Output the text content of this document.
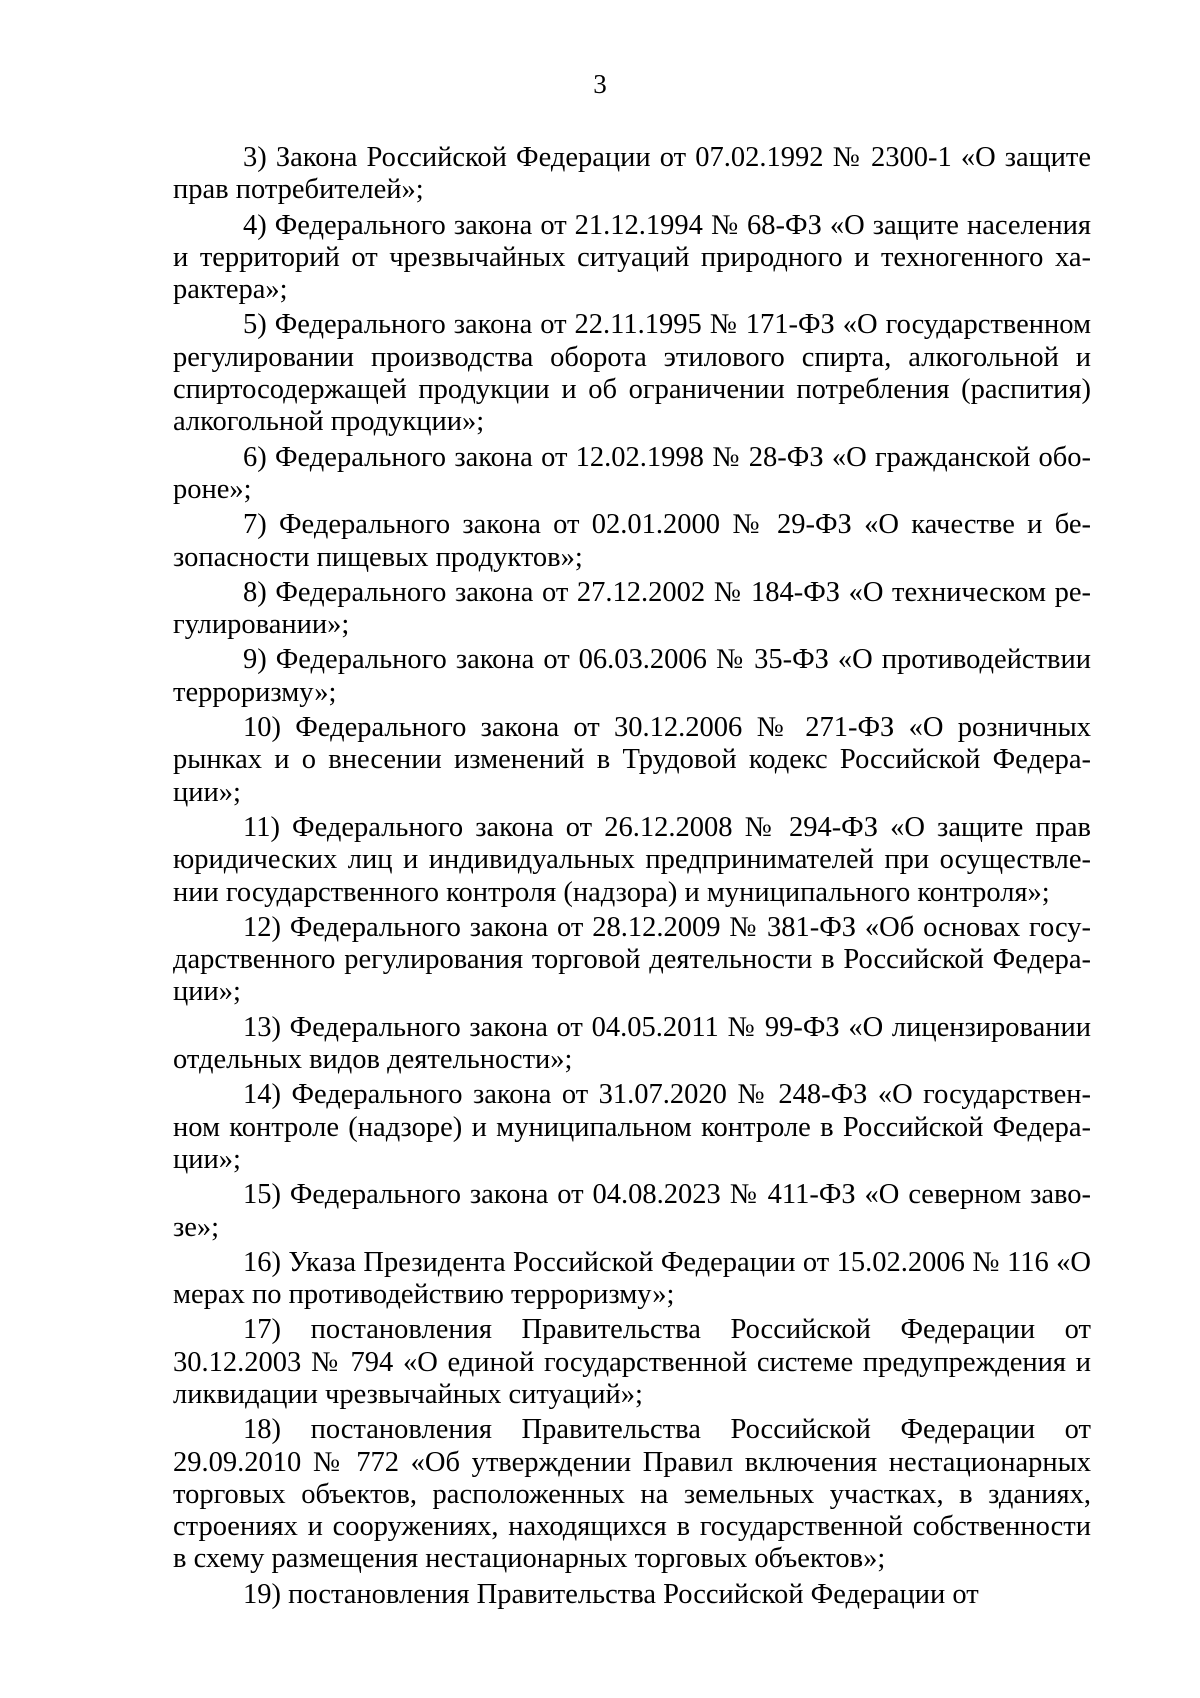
3

3) Закона Российской Федерации от 07.02.1992 № 2300-1 «О защите прав потребителей»;

4) Федерального закона от 21.12.1994 № 68-ФЗ «О защите населения и территорий от чрезвычайных ситуаций природного и техногенного характера»;

5) Федерального закона от 22.11.1995 № 171-ФЗ «О государственном регулировании производства оборота этилового спирта, алкогольной и спиртосодержащей продукции и об ограничении потребления (распития) алкогольной продукции»;

6) Федерального закона от 12.02.1998 № 28-ФЗ «О гражданской обороне»;

7) Федерального закона от 02.01.2000 № 29-ФЗ «О качестве и безопасности пищевых продуктов»;

8) Федерального закона от 27.12.2002 № 184-ФЗ «О техническом регулировании»;

9) Федерального закона от 06.03.2006 № 35-ФЗ «О противодействии терроризму»;

10) Федерального закона от 30.12.2006 № 271-ФЗ «О розничных рынках и о внесении изменений в Трудовой кодекс Российской Федерации»;

11) Федерального закона от 26.12.2008 № 294-ФЗ «О защите прав юридических лиц и индивидуальных предпринимателей при осуществлении государственного контроля (надзора) и муниципального контроля»;

12) Федерального закона от 28.12.2009 № 381-ФЗ «Об основах государственного регулирования торговой деятельности в Российской Федерации»;

13) Федерального закона от 04.05.2011 № 99-ФЗ «О лицензировании отдельных видов деятельности»;

14) Федерального закона от 31.07.2020 № 248-ФЗ «О государственном контроле (надзоре) и муниципальном контроле в Российской Федерации»;

15) Федерального закона от 04.08.2023 № 411-ФЗ «О северном завозе»;

16) Указа Президента Российской Федерации от 15.02.2006 № 116 «О мерах по противодействию терроризму»;

17) постановления Правительства Российской Федерации от 30.12.2003 № 794 «О единой государственной системе предупреждения и ликвидации чрезвычайных ситуаций»;

18) постановления Правительства Российской Федерации от 29.09.2010 № 772 «Об утверждении Правил включения нестационарных торговых объектов, расположенных на земельных участках, в зданиях, строениях и сооружениях, находящихся в государственной собственности в схему размещения нестационарных торговых объектов»;

19) постановления Правительства Российской Федерации от
